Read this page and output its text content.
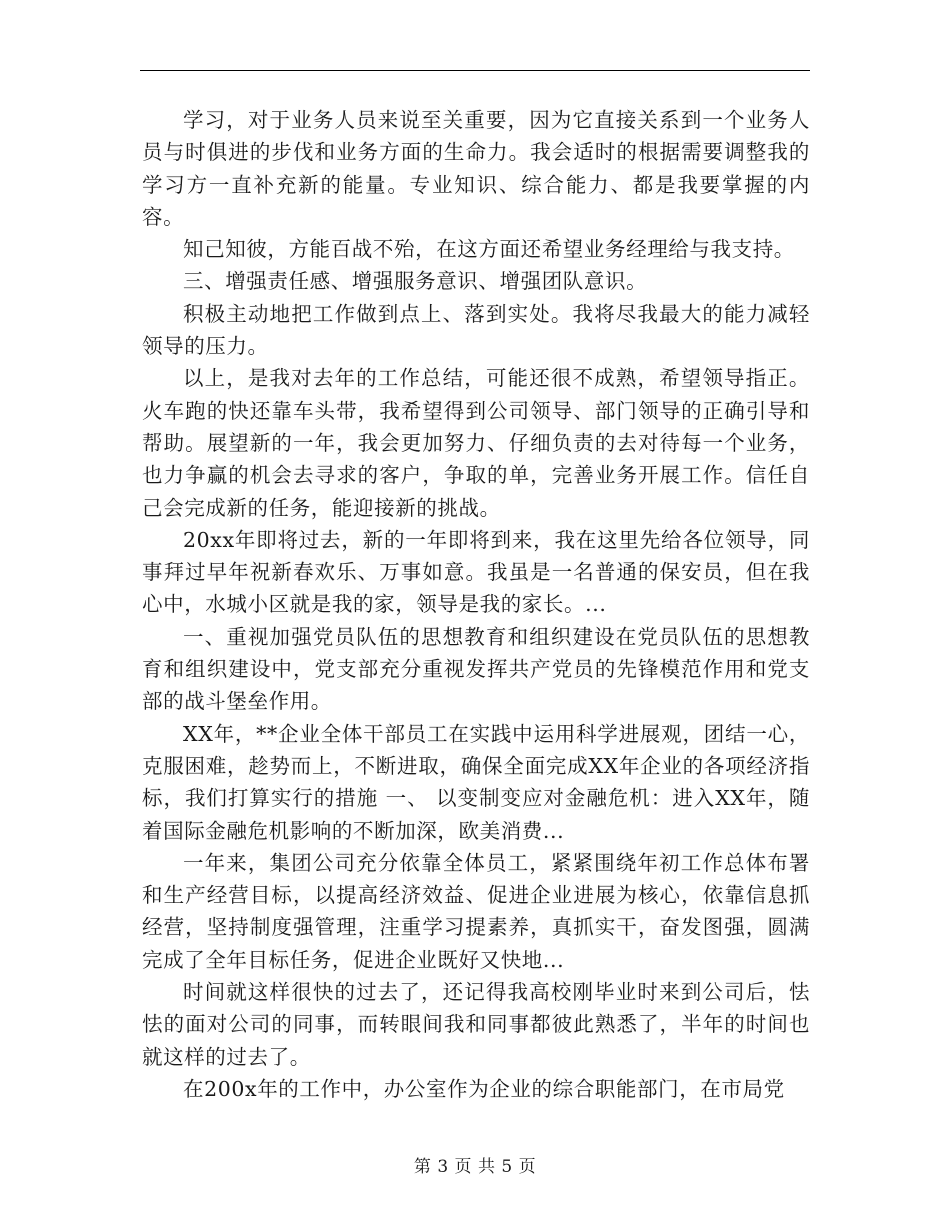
学习，对于业务人员来说至关重要，因为它直接关系到一个业务人员与时俱进的步伐和业务方面的生命力。我会适时的根据需要调整我的学习方一直补充新的能量。专业知识、综合能力、都是我要掌握的内容。

知己知彼，方能百战不殆，在这方面还希望业务经理给与我支持。

三、增强责任感、增强服务意识、增强团队意识。

积极主动地把工作做到点上、落到实处。我将尽我最大的能力减轻领导的压力。

以上，是我对去年的工作总结，可能还很不成熟，希望领导指正。火车跑的快还靠车头带，我希望得到公司领导、部门领导的正确引导和帮助。展望新的一年，我会更加努力、仔细负责的去对待每一个业务，也力争赢的机会去寻求的客户，争取的单，完善业务开展工作。信任自己会完成新的任务，能迎接新的挑战。

20xx年即将过去，新的一年即将到来，我在这里先给各位领导，同事拜过早年祝新春欢乐、万事如意。我虽是一名普通的保安员，但在我心中，水城小区就是我的家，领导是我的家长。...

一、重视加强党员队伍的思想教育和组织建设在党员队伍的思想教育和组织建设中，党支部充分重视发挥共产党员的先锋模范作用和党支部的战斗堡垒作用。

XX年，**企业全体干部员工在实践中运用科学进展观，团结一心，克服困难，趁势而上，不断进取，确保全面完成XX年企业的各项经济指标，我们打算实行的措施 一、 以变制变应对金融危机：进入XX年，随着国际金融危机影响的不断加深，欧美消费...

一年来，集团公司充分依靠全体员工，紧紧围绕年初工作总体布署和生产经营目标，以提高经济效益、促进企业进展为核心，依靠信息抓经营，坚持制度强管理，注重学习提素养，真抓实干，奋发图强，圆满完成了全年目标任务，促进企业既好又快地...

时间就这样很快的过去了，还记得我高校刚毕业时来到公司后，怯怯的面对公司的同事，而转眼间我和同事都彼此熟悉了，半年的时间也就这样的过去了。

在200x年的工作中，办公室作为企业的综合职能部门，在市局党

第 3 页 共 5 页
